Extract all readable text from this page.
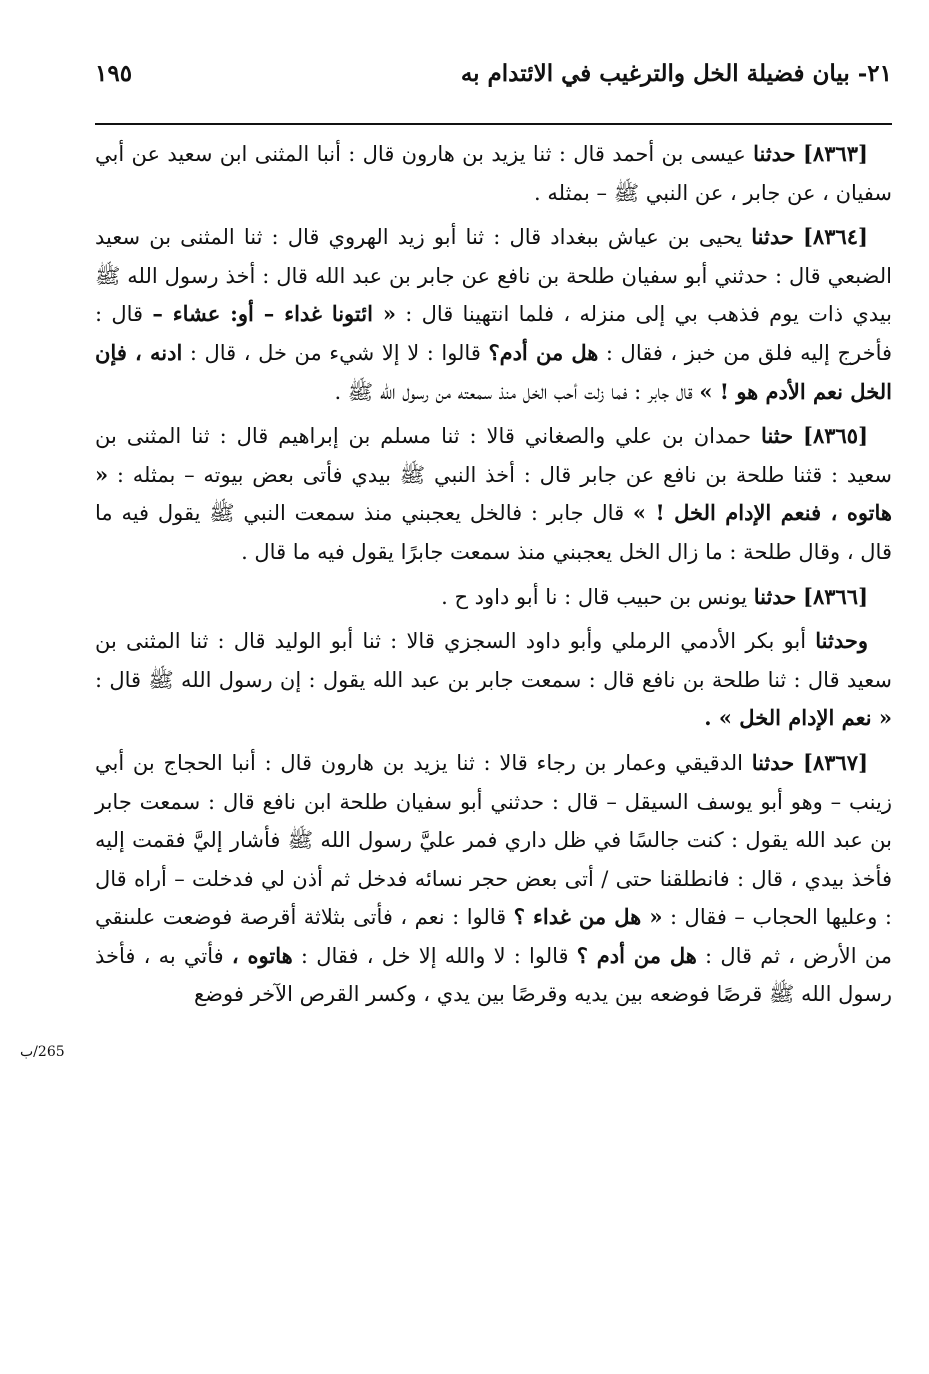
٢١- بيان فضيلة الخل والترغيب في الائتدام به
١٩٥

[٨٣٦٣] حدثنا عيسى بن أحمد قال : ثنا يزيد بن هارون قال : أنبا المثنى ابن سعيد عن أبي سفيان ، عن جابر ، عن النبي ﷺ – بمثله .

[٨٣٦٤] حدثنا يحيى بن عياش ببغداد قال : ثنا أبو زيد الهروي قال : ثنا المثنى بن سعيد الضبعي قال : حدثني أبو سفيان طلحة بن نافع عن جابر بن عبد الله قال : أخذ رسول الله ﷺ بيدي ذات يوم فذهب بي إلى منزله ، فلما انتهينا قال : « ائتونا غداء – أو: عشاء – قال : فأخرج إليه فلق من خبز ، فقال : هل من أدم؟ قالوا : لا إلا شيء من خل ، قال : ادنه ، فإن الخل نعم الأدم هو ! » قال جابر : فما زلت أحب الخل منذ سمعته من رسول الله ﷺ .

[٨٣٦٥] حثنا حمدان بن علي والصغاني قالا : ثنا مسلم بن إبراهيم قال : ثنا المثنى بن سعيد : قثنا طلحة بن نافع عن جابر قال : أخذ النبي ﷺ بيدي فأتى بعض بيوته – بمثله : « هاتوه ، فنعم الإدام الخل ! » قال جابر : فالخل يعجبني منذ سمعت النبي ﷺ يقول فيه ما قال ، وقال طلحة : ما زال الخل يعجبني منذ سمعت جابرًا يقول فيه ما قال .

[٨٣٦٦] حدثنا يونس بن حبيب قال : نا أبو داود ح .

وحدثنا أبو بكر الأدمي الرملي وأبو داود السجزي قالا : ثنا أبو الوليد قال : ثنا المثنى بن سعيد قال : ثنا طلحة بن نافع قال : سمعت جابر بن عبد الله يقول : إن رسول الله ﷺ قال : « نعم الإدام الخل » .

[٨٣٦٧] حدثنا الدقيقي وعمار بن رجاء قالا : ثنا يزيد بن هارون قال : أنبا الحجاج بن أبي زينب – وهو أبو يوسف السيقل – قال : حدثني أبو سفيان طلحة ابن نافع قال : سمعت جابر بن عبد الله يقول : كنت جالسًا في ظل داري فمر عليَّ رسول الله ﷺ فأشار إليَّ فقمت إليه فأخذ بيدي ، قال : فانطلقنا حتى / أتى بعض حجر نسائه فدخل ثم أذن لي فدخلت – أراه قال : وعليها الحجاب – فقال : « هل من غداء ؟ قالوا : نعم ، فأتى بثلاثة أقرصة فوضعت علىنقي من الأرض ، ثم قال : هل من أدم ؟ قالوا : لا والله إلا خل ، فقال : هاتوه ، فأتي به ، فأخذ رسول الله ﷺ قرصًا فوضعه بين يديه وقرصًا بين يدي ، وكسر القرص الآخر فوضع

265/ب
